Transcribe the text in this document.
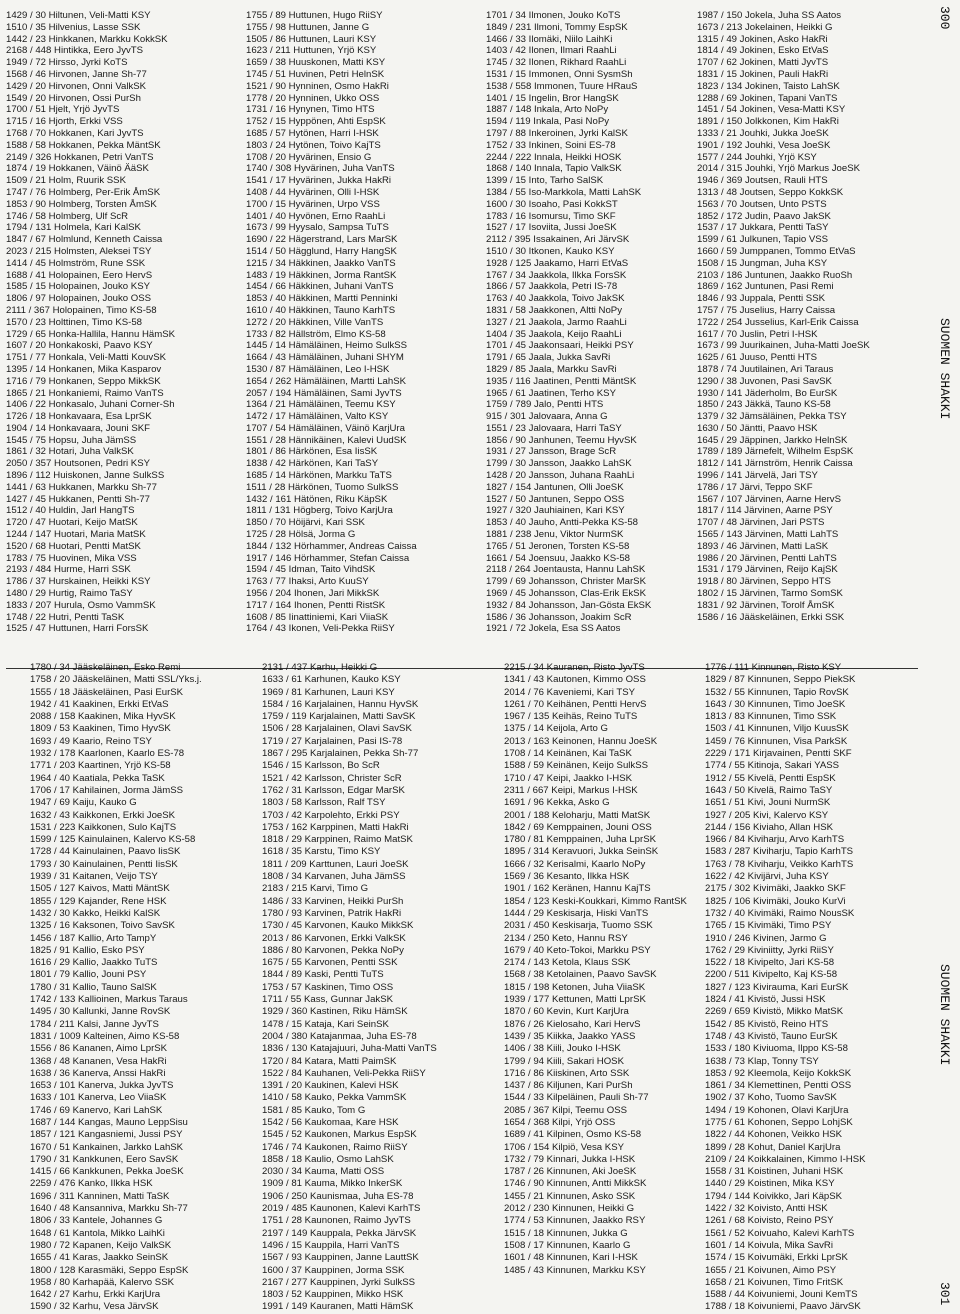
300
SUOMEN SHAKKI
1429 / 30 Hiltunen, Veli-Matti KSY
1510 / 35 Hilvenius, Lasse SSK
1442 / 23 Hinkkanen, Markku KokkSK
2168 / 448 Hintikka, Eero JyvTS
1949 / 72 Hirsso, Jyrki KoTS
1568 / 46 Hirvonen, Janne Sh-77
1429 / 20 Hirvonen, Onni ValkSK
1549 / 20 Hirvonen, Ossi PurSh
1700 / 51 Hjelt, Yrjö JyvTS
1715 / 16 Hjorth, Erkki VSS
1768 / 70 Hokkanen, Kari JyvTS
1588 / 58 Hokkanen, Pekka MäntSK
2149 / 326 Hokkanen, Petri VanTS
1874 / 19 Hokkanen, Väinö ÄäSK
1509 / 21 Holm, Ruurik SSK
1747 / 76 Holmberg, Per-Erik ÅmSK
1853 / 90 Holmberg, Torsten ÅmSK
1746 / 58 Holmberg, Ulf ScR
1794 / 131 Holmela, Kari KalSK
1847 / 67 Holmlund, Kenneth Caissa
2023 / 215 Holmsten, Aleksei TSY
1414 / 45 Holmström, Rune SSK
1688 / 41 Holopainen, Eero HervS
1585 / 15 Holopainen, Jouko KSY
1806 / 97 Holopainen, Jouko OSS
2111 / 367 Holopainen, Timo KS-58
1570 / 23 Holttinen, Timo KS-58
1729 / 65 Honka-Hallila, Hannu HämSK
1607 / 20 Honkakoski, Paavo KSY
1751 / 77 Honkala, Veli-Matti KouvSK
1395 / 14 Honkanen, Mika Kasparov
1716 / 79 Honkanen, Seppo MikkSK
1865 / 21 Honkaniemi, Raimo VanTS
1406 / 22 Honkasalo, Juhani Corner-Sh
1726 / 18 Honkavaara, Esa LprSK
1904 / 14 Honkavaara, Jouni SKF
1545 / 75 Hopsu, Juha JämSS
1861 / 32 Hotari, Juha ValkSK
2050 / 357 Houtsonen, Pedri KSY
1896 / 112 Huiskonen, Janne SulkSS
1441 / 63 Hukkanen, Markku Sh-77
1427 / 45 Hukkanen, Pentti Sh-77
1512 / 40 Huldin, Jarl HangTS
1720 / 47 Huotari, Keijo MatSK
1244 / 147 Huotari, Maria MatSK
1520 / 68 Huotari, Pentti MatSK
1783 / 75 Huovinen, Mika VSS
2193 / 484 Hurme, Harri SSK
1786 / 37 Hurskainen, Heikki KSY
1480 / 29 Hurtig, Raimo TaSY
1833 / 207 Hurula, Osmo VammSK
1748 / 22 Hutri, Pentti TaSK
1525 / 47 Huttunen, Harri ForsSK
1755 / 89 Huttunen, Hugo RiiSY
1755 / 98 Huttunen, Janne G
1505 / 86 Huttunen, Lauri KSY
1623 / 211 Huttunen, Yrjö KSY
1659 / 38 Huuskonen, Matti KSY
1745 / 51 Huvinen, Petri HelnSK
1521 / 90 Hynninen, Osmo HakRi
1778 / 20 Hynninen, Ukko OSS
1731 / 16 Hynynen, Timo HTS
1752 / 15 Hyppönen, Ahti EspSK
1685 / 57 Hytönen, Harri I-HSK
1803 / 24 Hytönen, Toivo KajTS
1708 / 20 Hyvärinen, Ensio G
1740 / 308 Hyvärinen, Juha VanTS
1541 / 17 Hyvärinen, Jukka HakRi
1408 / 44 Hyvärinen, Olli I-HSK
1700 / 15 Hyvärinen, Urpo VSS
1401 / 40 Hyvönen, Erno RaahLi
1673 / 99 Hyysalo, Sampsa TuTS
1690 / 22 Hägerstrand, Lars MarSK
1514 / 50 Hägglund, Harry HangSK
1215 / 34 Häkkinen, Jaakko VanTS
1483 / 19 Häkkinen, Jorma RantSK
1454 / 66 Häkkinen, Juhani VanTS
1853 / 40 Häkkinen, Martti Penninki
1610 / 40 Häkkinen, Tauno KarhTS
1272 / 20 Häkkinen, Ville VanTS
1733 / 82 Hällström, Elmo KS-58
1445 / 14 Hämäläinen, Heimo SulkSS
1664 / 43 Hämäläinen, Juhani SHYM
1530 / 87 Hämäläinen, Leo I-HSK
1654 / 262 Hämäläinen, Martti LahSK
2057 / 194 Hämäläinen, Sami JyvTS
1364 / 21 Hämäläinen, Teemu KSY
1472 / 17 Hämäläinen, Valto KSY
1707 / 54 Hämäläinen, Väinö KarjUra
1551 / 28 Hännikäinen, Kalevi UudSK
1801 / 86 Härkönen, Esa IisSK
1838 / 42 Härkönen, Kari TaSY
1685 / 14 Härkönen, Markku TaTS
1511 / 28 Härkönen, Tuomo SulkSS
1432 / 161 Hätönen, Riku KäpSK
1811 / 131 Högberg, Toivo KarjUra
1850 / 70 Höijärvi, Kari SSK
1725 / 28 Hölsä, Jorma G
1844 / 132 Hörhammer, Andreas Caissa
1917 / 146 Hörhammer, Stefan Caissa
1594 / 45 Idman, Taito VihdSK
1763 / 77 Ihaksi, Arto KuuSY
1956 / 204 Ihonen, Jari MikkSK
1717 / 164 Ihonen, Pentti RistSK
1608 / 85 Iinattiniemi, Kari ViiaSK
1764 / 43 Ikonen, Veli-Pekka RiiSY
1701 / 34 Ilmonen, Jouko KoTS
1849 / 231 Ilmoni, Tommy EspSK
1466 / 33 Ilomäki, Niilo LaihKi
1403 / 42 Ilonen, Ilmari RaahLi
1745 / 32 Ilonen, Rikhard RaahLi
1531 / 15 Immonen, Onni SysmSh
1538 / 558 Immonen, Tuure HRauS
1401 / 15 Ingelin, Bror HangSK
1887 / 148 Inkala, Arto NoPy
1594 / 119 Inkala, Pasi NoPy
1797 / 88 Inkeroinen, Jyrki KalSK
1752 / 33 Inkinen, Soini ES-78
2244 / 222 Innala, Heikki HOSK
1868 / 140 Innala, Tapio ValkSK
1399 / 15 Into, Tarho SalSK
1384 / 55 Iso-Markkola, Matti LahSK
1600 / 30 Isoaho, Pasi KokkST
1783 / 16 Isomursu, Timo SKF
1527 / 17 Isoviita, Jussi JoeSK
2112 / 395 Issakainen, Ari JärvSK
1510 / 30 Itkonen, Kauko KSY
1928 / 125 Jaakamo, Harri EtVaS
1767 / 34 Jaakkola, Ilkka ForsSK
1866 / 57 Jaakkola, Petri IS-78
1763 / 40 Jaakkola, Toivo JakSK
1831 / 58 Jaakkonen, Altti NoPy
1327 / 21 Jaakola, Jarmo RaahLi
1404 / 35 Jaakola, Keijo RaahLi
1701 / 45 Jaakonsaari, Heikki PSY
1791 / 65 Jaala, Jukka SavRi
1829 / 85 Jaala, Markku SavRi
1935 / 116 Jaatinen, Pentti MäntSK
1965 / 61 Jaatinen, Terho KSY
1759 / 789 Jalo, Pentti HTS
915 / 301 Jalovaara, Anna G
1551 / 23 Jalovaara, Harri TaSY
1856 / 90 Janhunen, Teemu HyvSK
1931 / 27 Jansson, Brage ScR
1799 / 30 Jansson, Jaakko LahSK
1428 / 20 Jansson, Juhana RaahLi
1827 / 154 Jantunen, Olli JoeSK
1527 / 50 Jantunen, Seppo OSS
1927 / 320 Jauhiainen, Kari KSY
1853 / 40 Jauho, Antti-Pekka KS-58
1881 / 238 Jenu, Viktor NurmSK
1765 / 51 Jeronen, Torsten KS-58
1661 / 54 Joensuu, Jaakko KS-58
2118 / 264 Joentausta, Hannu LahSK
1799 / 69 Johansson, Christer MarSK
1969 / 45 Johansson, Clas-Erik EkSK
1932 / 84 Johansson, Jan-Göstа EkSK
1586 / 36 Johansson, Joakim ScR
1921 / 72 Jokela, Esa SS Aatos
1987 / 150 Jokela, Juha SS Aatos
1673 / 213 Jokelainen, Heikki G
1315 / 49 Jokinen, Asko HakRi
1814 / 49 Jokinen, Esko EtVaS
1707 / 62 Jokinen, Matti JyvTS
1831 / 15 Jokinen, Pauli HakRi
1823 / 134 Jokinen, Taisto LahSK
1288 / 69 Jokinen, Tapani VanTS
1451 / 54 Jokinen, Vesa-Matti KSY
1891 / 150 Jolkkonen, Kim HakRi
1333 / 21 Jouhki, Jukka JoeSK
1901 / 192 Jouhki, Vesa JoeSK
1577 / 244 Jouhki, Yrjö KSY
2014 / 315 Jouhki, Yrjö Markus JoeSK
1946 / 369 Joutsen, Rauli HTS
1313 / 48 Joutsen, Seppo KokkSK
1563 / 70 Joutsen, Unto PSTS
1852 / 172 Judin, Paavo JakSK
1537 / 17 Jukkara, Pentti TaSY
1599 / 61 Julkunen, Tapio VSS
1660 / 59 Jumppanen, Tommo EtVaS
1508 / 15 Jungman, Juha KSY
2103 / 186 Juntunen, Jaakko RuoSh
1869 / 162 Juntunen, Pasi Remi
1846 / 93 Juppala, Pentti SSK
1757 / 75 Juselius, Harry Caissa
1722 / 254 Jusselius, Karl-Erik Caissa
1617 / 70 Juslin, Petri I-HSK
1673 / 99 Juurikainen, Juha-Matti JoeSK
1625 / 61 Juuso, Pentti HTS
1878 / 74 Juutilainen, Ari Taraus
1290 / 38 Juvonen, Pasi SavSK
1930 / 141 Jäderholm, Bo EurSK
1850 / 243 Jäkkä, Tauno KS-58
1379 / 32 Jämsäläinen, Pekka TSY
1630 / 50 Jäntti, Paavo HSK
1645 / 29 Jäppinen, Jarkko HelnSK
1789 / 189 Järnefelt, Wilhelm EspSK
1812 / 141 Järnström, Henrik Caissa
1996 / 141 Järvelä, Jari TSY
1786 / 17 Järvi, Teppo SKF
1567 / 107 Järvinen, Aarne HervS
1817 / 114 Järvinen, Aarne PSY
1707 / 48 Järvinen, Jari PSTS
1565 / 143 Järvinen, Matti LahTS
1893 / 46 Järvinen, Matti LaSK
1986 / 20 Järvinen, Pentti LahTS
1531 / 179 Järvinen, Reijo KajSK
1918 / 80 Järvinen, Seppo HTS
1802 / 15 Järvinen, Tarmo SomSK
1831 / 92 Järvinen, Torolf ÅmSK
1586 / 16 Jääskeläinen, Erkki SSK
SUOMEN SHAKKI
301
1780 / 34 Jääskeläinen, Esko Remi
1758 / 20 Jääskeläinen, Matti SSL/Yks.j.
1555 / 18 Jääskeläinen, Pasi EurSK
1942 / 41 Kaakinen, Erkki EtVaS
2088 / 158 Kaakinen, Mika HyvSK
1809 / 53 Kaakinen, Timo HyvSK
1693 / 49 Kaario, Reino TSY
1932 / 178 Kaarlonen, Kaarlo ES-78
1771 / 203 Kaartinen, Yrjö KS-58
1964 / 40 Kaatiala, Pekka TaSK
1706 / 17 Kahilainen, Jorma JämSS
1947 / 69 Kaiju, Kauko G
1632 / 43 Kaikkonen, Erkki JoeSK
1531 / 223 Kaikkonen, Sulo KajTS
1599 / 125 Kainulainen, Kalervo KS-58
1728 / 44 Kainulainen, Paavo IisSK
1793 / 30 Kainulainen, Pentti IisSK
1939 / 31 Kaitanen, Veijo TSY
1505 / 127 Kaivos, Matti MäntSK
1855 / 129 Kajander, Rene HSK
1432 / 30 Kakko, Heikki KalSK
1325 / 16 Kaksonen, Toivo SavSK
1456 / 187 Kallio, Arto TampY
1825 / 91 Kallio, Esko PSY
1616 / 29 Kallio, Jaakko TuTS
1801 / 79 Kallio, Jouni PSY
1780 / 31 Kallio, Tauno SalSK
1742 / 133 Kallioinen, Markus Taraus
1495 / 30 Kallunki, Janne RovSK
1784 / 211 Kalsi, Janne JyvTS
1831 / 1009 Kalteinen, Aimo KS-58
1556 / 86 Kananen, Aimo LprSK
1368 / 48 Kananen, Vesa HakRi
1638 / 36 Kanerva, Anssi HakRi
1653 / 101 Kanerva, Jukka JyvTS
1633 / 101 Kanerva, Leo ViiaSK
1746 / 69 Kanervo, Kari LahSK
1687 / 144 Kangas, Mauno LeppSisu
1857 / 121 Kangasniemi, Jussi PSY
1670 / 51 Kankainen, Jarkko LahSK
1790 / 31 Kankkunen, Eero SavSK
1415 / 66 Kankkunen, Pekka JoeSK
2259 / 476 Kanko, Ilkka HSK
1696 / 311 Kanninen, Matti TaSK
1640 / 48 Kansanniva, Markku Sh-77
1806 / 33 Kantele, Johannes G
1648 / 61 Kantola, Mikko LaihKi
1980 / 72 Kapanen, Keijo ValkSK
1655 / 41 Karas, Jaakko SeinSK
1800 / 128 Karasmäki, Seppo EspSK
1958 / 80 Karhapää, Kalervo SSK
1642 / 27 Karhu, Erkki KarjUra
1590 / 32 Karhu, Vesa JärvSK
2131 / 437 Karhu, Heikki G
1633 / 61 Karhunen, Kauko KSY
1969 / 81 Karhunen, Lauri KSY
1584 / 16 Karjalainen, Hannu HyvSK
1759 / 119 Karjalainen, Matti SavSK
1506 / 28 Karjalainen, Olavi SavSK
1719 / 27 Karjalainen, Pasi IS-78
1867 / 295 Karjalainen, Pekka Sh-77
1546 / 15 Karlsson, Bo ScR
1521 / 42 Karlsson, Christer ScR
1762 / 31 Karlsson, Edgar MarSK
1803 / 58 Karlsson, Ralf TSY
1703 / 42 Karpolehto, Erkki PSY
1753 / 162 Karppinen, Matti HakRi
1818 / 29 Karppinen, Raimo MatSK
1618 / 35 Karstu, Timo KSY
1811 / 209 Karttunen, Lauri JoeSK
1808 / 34 Karvanen, Juha JämSS
2183 / 215 Karvi, Timo G
1486 / 33 Karvinen, Heikki PurSh
1780 / 93 Karvinen, Patrik HakRi
1730 / 45 Karvonen, Kauko MikkSK
2013 / 86 Karvonen, Erkki ValkSK
1886 / 80 Karvonen, Pekka NoPy
1675 / 55 Karvonen, Pentti SSK
1844 / 89 Kaski, Pentti TuTS
1753 / 57 Kaskinen, Timo OSS
1711 / 55 Kass, Gunnar JakSK
1929 / 360 Kastinen, Riku HämSK
1478 / 15 Kataja, Kari SeinSK
2004 / 380 Katajanmaa, Juha ES-78
1836 / 130 Katajajuuri, Juha-Matti VanTS
1720 / 84 Katara, Matti PaimSK
1522 / 84 Kauhanen, Veli-Pekka RiiSY
1391 / 20 Kaukinen, Kalevi HSK
1410 / 58 Kauko, Pekka VammSK
1581 / 85 Kauko, Tom G
1542 / 56 Kaukomaa, Kare HSK
1545 / 52 Kaukonen, Markus EspSK
1746 / 74 Kaukonen, Raimo RiiSY
1858 / 18 Kaulio, Osmo LahSK
2030 / 34 Kauma, Matti OSS
1909 / 81 Kauma, Mikko InkerSK
1906 / 250 Kaunismaa, Juha ES-78
2019 / 485 Kaunonen, Kalevi KarhTS
1751 / 28 Kaunonen, Raimo JyvTS
2197 / 149 Kauppala, Pekka JärvSK
1496 / 15 Kauppila, Harri VanTS
1567 / 93 Kauppinen, Janne LauttSK
1600 / 37 Kauppinen, Jorma SSK
2167 / 277 Kauppinen, Jyrki SulkSS
1803 / 52 Kauppinen, Mikko HSK
1991 / 149 Kauranen, Matti HämSK
2215 / 34 Kauranen, Risto JyvTS
1341 / 43 Kautonen, Kimmo OSS
2014 / 76 Kaveniemi, Kari TSY
1261 / 70 Keihänen, Pentti HervS
1967 / 135 Keihäs, Reino TuTS
1375 / 14 Keijola, Arto G
2013 / 163 Keinonen, Hannu JoeSK
1708 / 14 Keinänen, Kai TaSK
1588 / 59 Keinänen, Keijo SulkSS
1710 / 47 Keipi, Jaakko I-HSK
2311 / 667 Keipi, Markus I-HSK
1691 / 96 Kekka, Asko G
2001 / 188 Keloharju, Matti MatSK
1842 / 69 Kemppainen, Jouni OSS
1780 / 81 Kemppainen, Juha LprSK
1895 / 314 Keravuori, Jukka SeinSK
1666 / 32 Kerisalmi, Kaarlo NoPy
1569 / 36 Kesanto, Ilkka HSK
1901 / 162 Keränen, Hannu KajTS
1854 / 123 Keski-Koukkari, Kimmo RantSK
1444 / 29 Keskisarja, Hiski VanTS
2031 / 450 Keskisarja, Tuomo SSK
2134 / 250 Keto, Hannu RSY
1679 / 40 Keto-Tokoi, Markku PSY
2174 / 143 Ketola, Klaus SSK
1568 / 38 Ketolainen, Paavo SavSK
1815 / 198 Ketonen, Juha ViiaSK
1939 / 177 Kettunen, Matti LprSK
1870 / 60 Kevin, Kurt KarjUra
1876 / 26 Kielosaho, Kari HervS
1439 / 35 Kiikka, Jaakko YASS
1406 / 38 Kiili, Jouko I-HSK
1799 / 94 Kiili, Sakari HOSK
1716 / 86 Kiiskinen, Arto SSK
1437 / 86 Kiljunen, Kari PurSh
1544 / 33 Kilpeläinen, Pauli Sh-77
2085 / 367 Kilpi, Teemu OSS
1654 / 368 Kilpi, Yrjö OSS
1689 / 41 Kilpinen, Osmo KS-58
1706 / 154 Kilpiö, Vesa KSY
1732 / 79 Kinnari, Jukka I-HSK
1787 / 26 Kinnunen, Aki JoeSK
1746 / 90 Kinnunen, Antti MikkSK
1455 / 21 Kinnunen, Asko SSK
2012 / 230 Kinnunen, Heikki G
1774 / 53 Kinnunen, Jaakko RSY
1515 / 18 Kinnunen, Jukka G
1508 / 17 Kinnunen, Kaarlo G
1601 / 48 Kinnunen, Kari I-HSK
1485 / 43 Kinnunen, Markku KSY
1776 / 111 Kinnunen, Risto KSY
1829 / 87 Kinnunen, Seppo PiekSK
1532 / 55 Kinnunen, Tapio RovSK
1643 / 30 Kinnunen, Timo JoeSK
1813 / 83 Kinnunen, Timo SSK
1503 / 41 Kinnunen, Viljo KuusSK
1459 / 76 Kinnunen, Visa ParkSK
2229 / 171 Kirjavainen, Pentti SKF
1774 / 55 Kitinoja, Sakari YASS
1912 / 55 Kivelä, Pentti EspSK
1643 / 50 Kivelä, Raimo TaSY
1651 / 51 Kivi, Jouni NurmSK
1927 / 205 Kivi, Kalervo KSY
2144 / 156 Kiviaho, Allan HSK
1966 / 84 Kiviharju, Arvo KarhTS
1583 / 287 Kiviharju, Tapio KarhTS
1763 / 78 Kiviharju, Veikko KarhTS
1622 / 42 Kivijärvi, Juha KSY
2175 / 302 Kivimäki, Jaakko SKF
1825 / 106 Kivimäki, Jouko KurVi
1732 / 40 Kivimäki, Raimo NousSK
1765 / 15 Kivimäki, Timo PSY
1910 / 246 Kivinen, Jarmo G
1762 / 29 Kiviniitty, Jyrki RiiSY
1522 / 18 Kivipelto, Jari KS-58
2200 / 511 Kivipelto, Kaj KS-58
1827 / 123 Kivirauma, Kari EurSK
1824 / 41 Kivistö, Jussi HSK
2269 / 659 Kivistö, Mikko MatSK
1542 / 85 Kivistö, Reino HTS
1748 / 43 Kivistö, Tauno EurSK
1533 / 180 Kiviuoma, Ilppo KS-58
1638 / 73 Klap, Tonny TSY
1853 / 92 Kleemola, Keijo KokkSK
1861 / 34 Klemettinen, Pentti OSS
1902 / 37 Koho, Tuomo SavSK
1494 / 19 Kohonen, Olavi KarjUra
1775 / 61 Kohonen, Seppo LohjSK
1822 / 44 Kohonen, Veikko HSK
1899 / 28 Kohut, Daniel KarjUra
2109 / 24 Koikkalainen, Kimmo I-HSK
1558 / 31 Koistinen, Juhani HSK
1440 / 29 Koistinen, Mika KSY
1794 / 144 Koivikko, Jari KäpSK
1422 / 32 Koivisto, Antti HSK
1261 / 68 Koivisto, Reino PSY
1561 / 52 Koivuaho, Kalevi KarhTS
1601 / 14 Koivula, Mika SavRi
1574 / 15 Koivumäki, Erkki LprSK
1655 / 21 Koivunen, Aimo PSY
1658 / 21 Koivunen, Timo FritSK
1588 / 44 Koivuniemi, Jouni KemTS
1788 / 18 Koivuniemi, Paavo JärvSK
